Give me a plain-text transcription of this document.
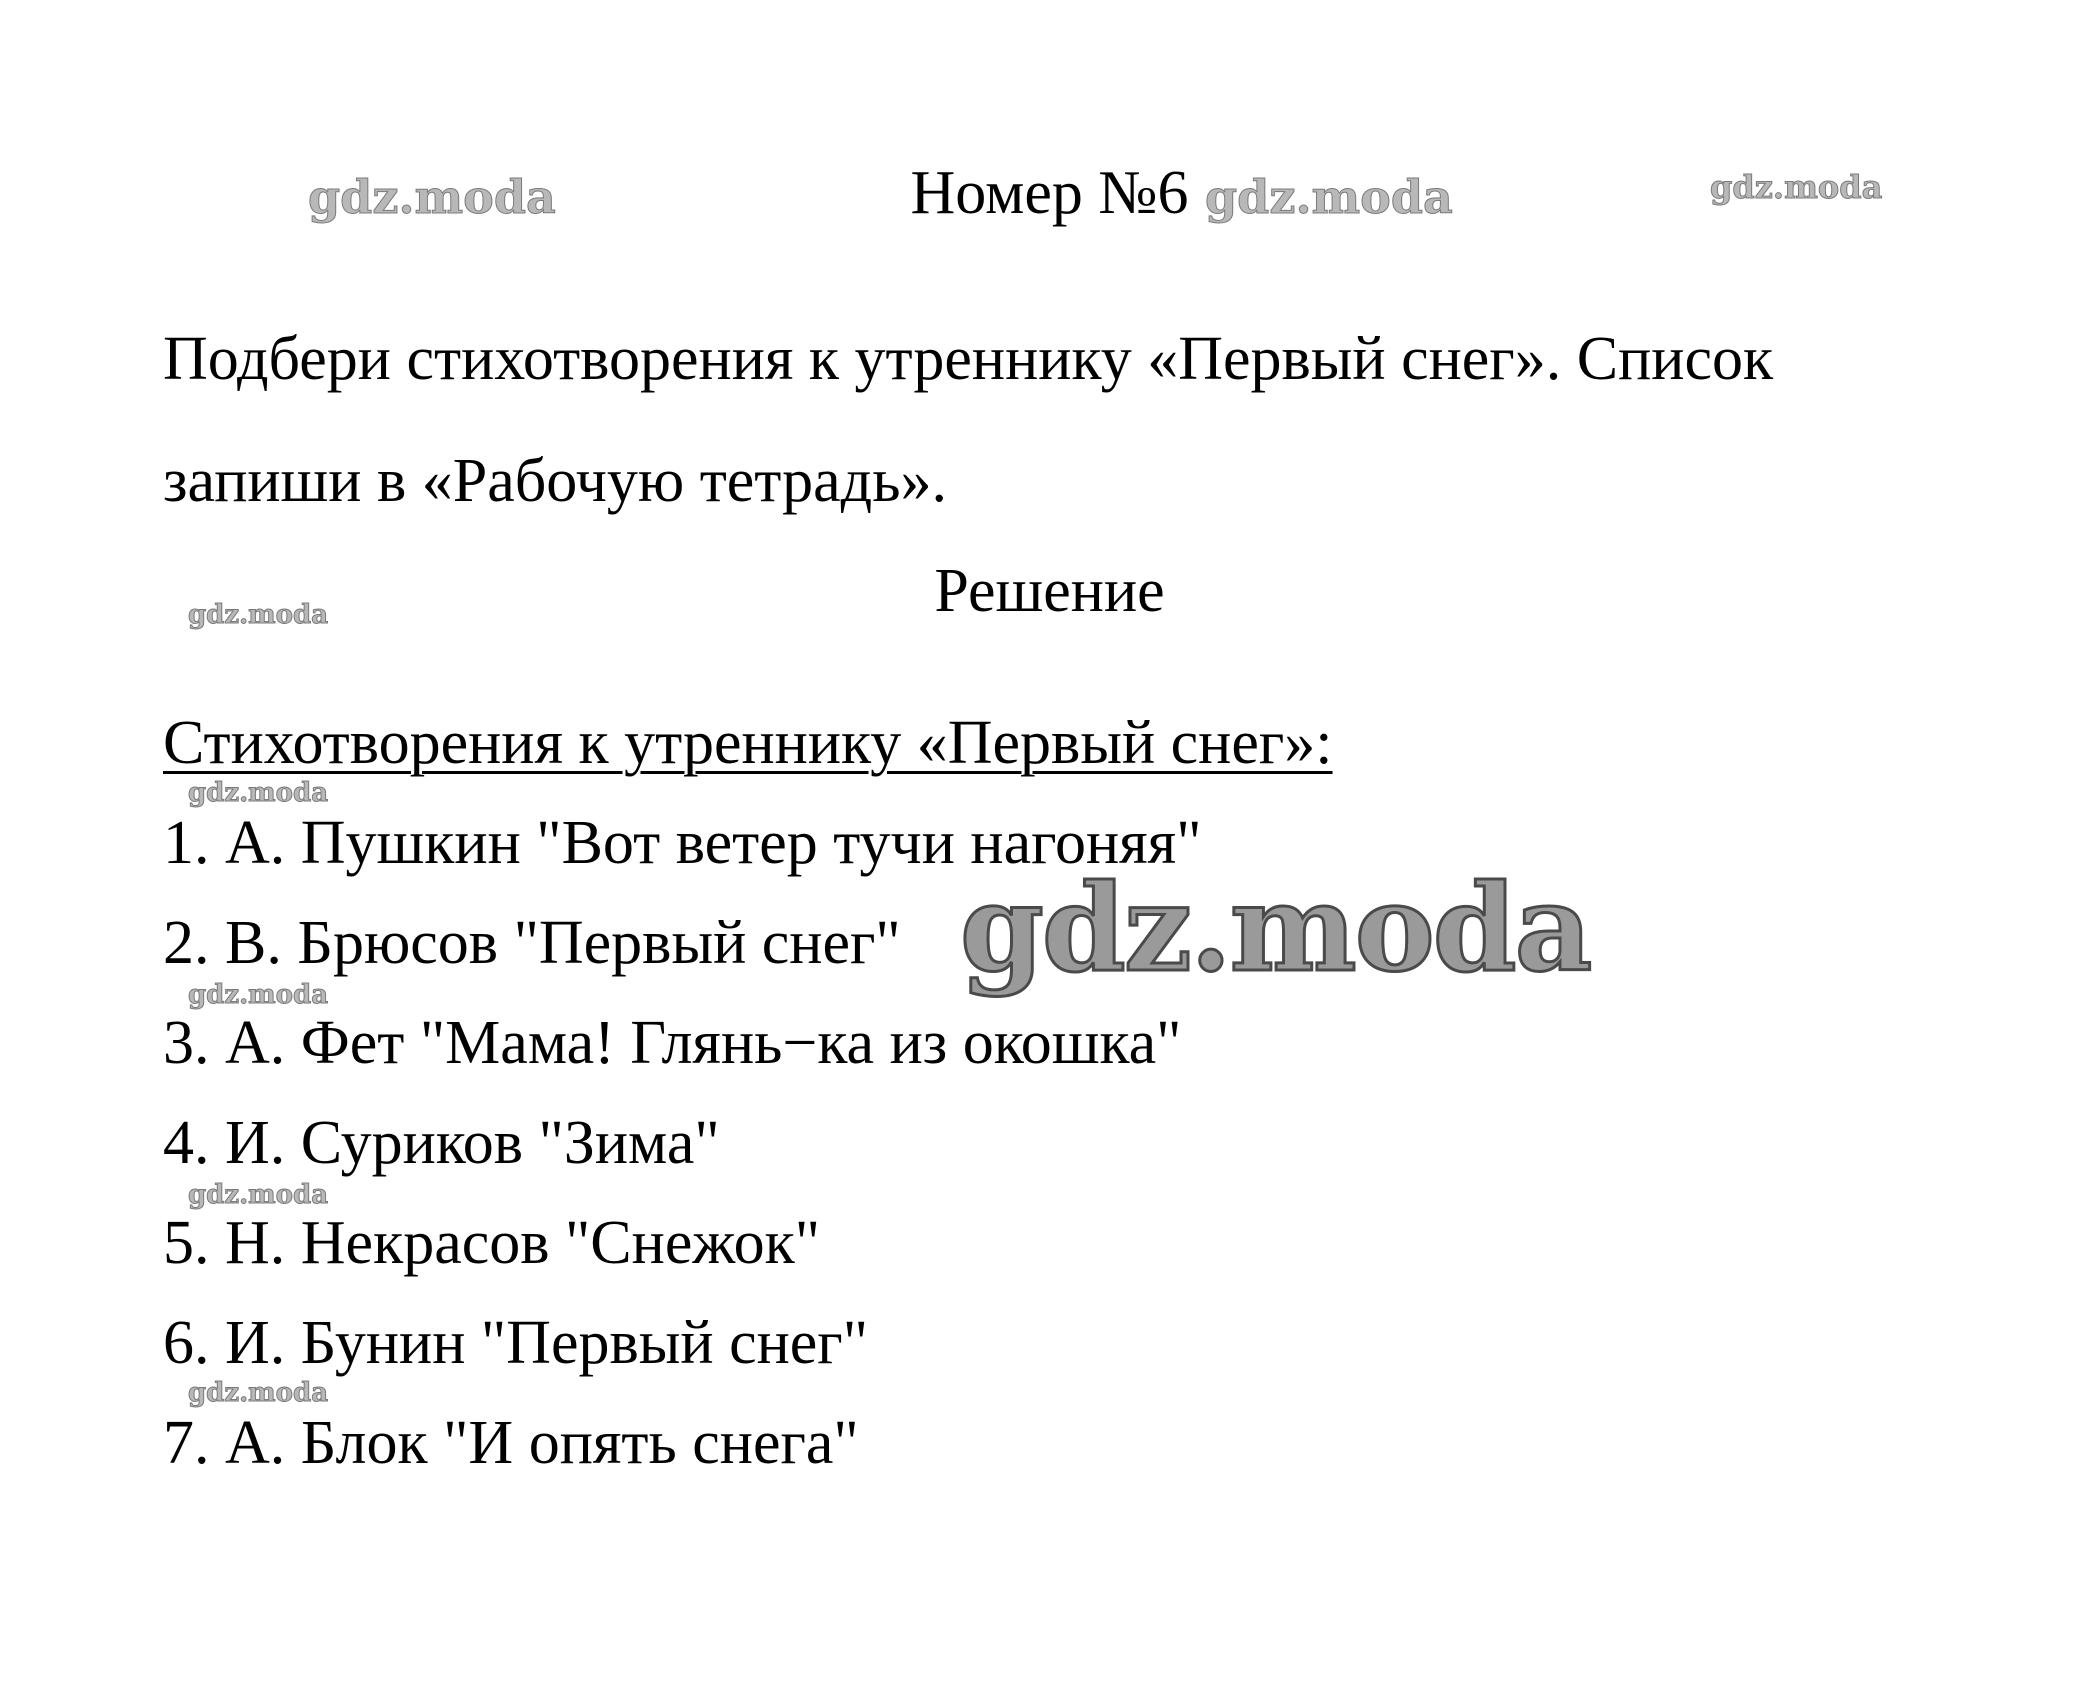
Номер №6
Подбери стихотворения к утреннику «Первый снег». Список
запиши в «Рабочую тетрадь».
Решение
Стихотворения к утреннику «Первый снег»:
1. А. Пушкин "Вот ветер тучи нагоняя"
2. В. Брюсов "Первый снег"
3. А. Фет "Мама! Глянь−ка из окошка"
4. И. Суриков "Зима"
5. Н. Некрасов "Снежок"
6. И. Бунин "Первый снег"
7. А. Блок "И опять снега"
gdz.moda	gdz.moda	gdz.moda
gdz.moda
gdz.moda
gdz.moda
gdz.moda
gdz.moda
gdz.moda
